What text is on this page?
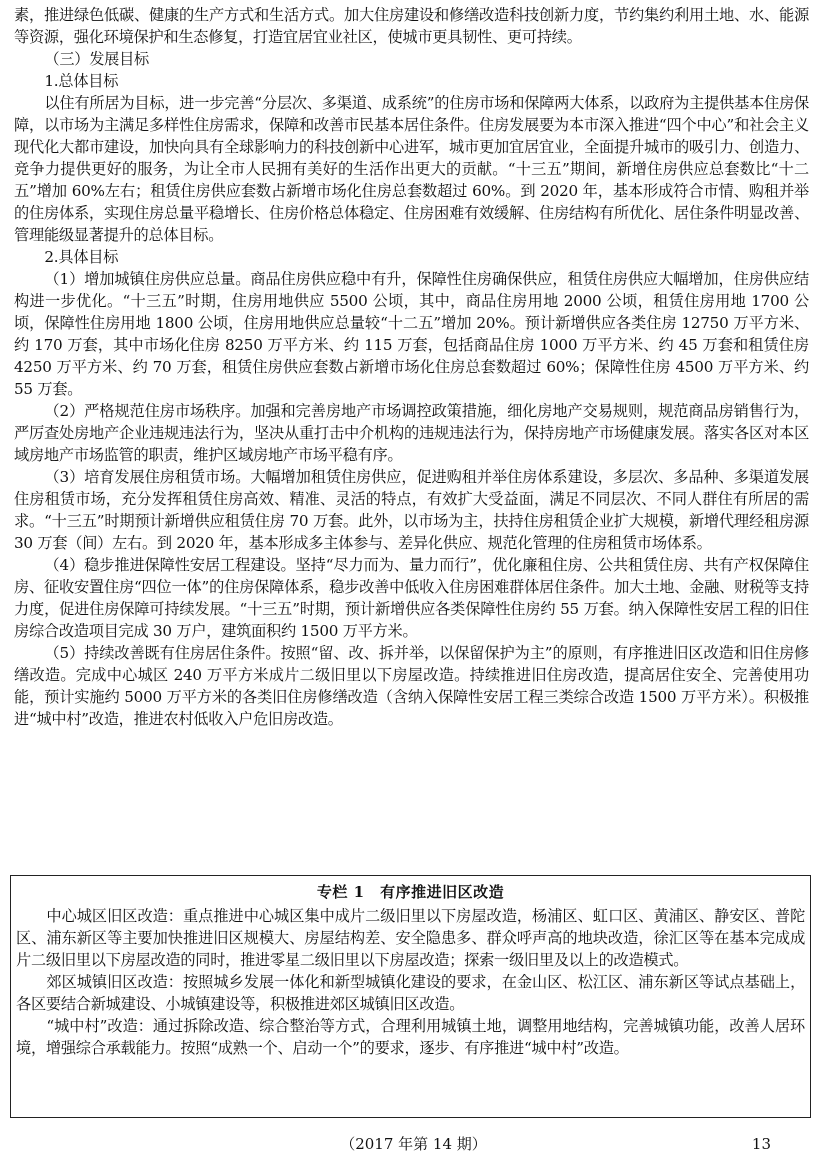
素，推进绿色低碳、健康的生产方式和生活方式。加大住房建设和修缮改造科技创新力度，节约集约利用土地、水、能源等资源，强化环境保护和生态修复，打造宜居宜业社区，使城市更具韧性、更可持续。

（三）发展目标

1.总体目标

以住有所居为目标，进一步完善“分层次、多渠道、成系统”的住房市场和保障两大体系，以政府为主提供基本住房保障，以市场为主满足多样性住房需求，保障和改善市民基本居住条件。住房发展要为本市深入推进“四个中心”和社会主义现代化大都市建设，加快向具有全球影响力的科技创新中心进军，城市更加宜居宜业，全面提升城市的吸引力、创造力、竞争力提供更好的服务，为让全市人民拥有美好的生活作出更大的贡献。“十三五”期间，新增住房供应总套数比“十二五”增加 60%左右；租赁住房供应套数占新增市场化住房总套数超过 60%。到 2020 年，基本形成符合市情、购租并举的住房体系，实现住房总量平稳增长、住房价格总体稳定、住房困难有效缓解、住房结构有所优化、居住条件明显改善、管理能级显著提升的总体目标。

2.具体目标

（1）增加城镇住房供应总量。商品住房供应稳中有升，保障性住房确保供应，租赁住房供应大幅增加，住房供应结构进一步优化。“十三五”时期，住房用地供应 5500 公顷，其中，商品住房用地 2000 公顷，租赁住房用地 1700 公顷，保障性住房用地 1800 公顷，住房用地供应总量较“十二五”增加 20%。预计新增供应各类住房 12750 万平方米、约 170 万套，其中市场化住房 8250 万平方米、约 115 万套，包括商品住房 1000 万平方米、约 45 万套和租赁住房 4250 万平方米、约 70 万套，租赁住房供应套数占新增市场化住房总套数超过 60%；保障性住房 4500 万平方米、约 55 万套。

（2）严格规范住房市场秩序。加强和完善房地产市场调控政策措施，细化房地产交易规则，规范商品房销售行为，严厉查处房地产企业违规违法行为，坚决从重打击中介机构的违规违法行为，保持房地产市场健康发展。落实各区对本区域房地产市场监管的职责，维护区域房地产市场平稳有序。

（3）培育发展住房租赁市场。大幅增加租赁住房供应，促进购租并举住房体系建设，多层次、多品种、多渠道发展住房租赁市场，充分发挥租赁住房高效、精准、灵活的特点，有效扩大受益面，满足不同层次、不同人群住有所居的需求。“十三五”时期预计新增供应租赁住房 70 万套。此外，以市场为主，扶持住房租赁企业扩大规模，新增代理经租房源 30 万套（间）左右。到 2020 年，基本形成多主体参与、差异化供应、规范化管理的住房租赁市场体系。

（4）稳步推进保障性安居工程建设。坚持“尽力而为、量力而行”，优化廉租住房、公共租赁住房、共有产权保障住房、征收安置住房“四位一体”的住房保障体系，稳步改善中低收入住房困难群体居住条件。加大土地、金融、财税等支持力度，促进住房保障可持续发展。“十三五”时期，预计新增供应各类保障性住房约 55 万套。纳入保障性安居工程的旧住房综合改造项目完成 30 万户，建筑面积约 1500 万平方米。

（5）持续改善既有住房居住条件。按照“留、改、拆并举，以保留保护为主”的原则，有序推进旧区改造和旧住房修缮改造。完成中心城区 240 万平方米成片二级旧里以下房屋改造。持续推进旧住房改造，提高居住安全、完善使用功能，预计实施约 5000 万平方米的各类旧住房修缮改造（含纳入保障性安居工程三类综合改造 1500 万平方米）。积极推进“城中村”改造，推进农村低收入户危旧房改造。

专栏 1　有序推进旧区改造

中心城区旧区改造：重点推进中心城区集中成片二级旧里以下房屋改造，杨浦区、虹口区、黄浦区、静安区、普陀区、浦东新区等主要加快推进旧区规模大、房屋结构差、安全隐患多、群众呼声高的地块改造，徐汇区等在基本完成成片二级旧里以下房屋改造的同时，推进零星二级旧里以下房屋改造；探索一级旧里及以上的改造模式。

郊区城镇旧区改造：按照城乡发展一体化和新型城镇化建设的要求，在金山区、松江区、浦东新区等试点基础上，各区要结合新城建设、小城镇建设等，积极推进郊区城镇旧区改造。

“城中村”改造：通过拆除改造、综合整治等方式，合理利用城镇土地，调整用地结构，完善城镇功能，改善人居环境，增强综合承载能力。按照“成熟一个、启动一个”的要求，逐步、有序推进“城中村”改造。

（2017 年第 14 期）	13
